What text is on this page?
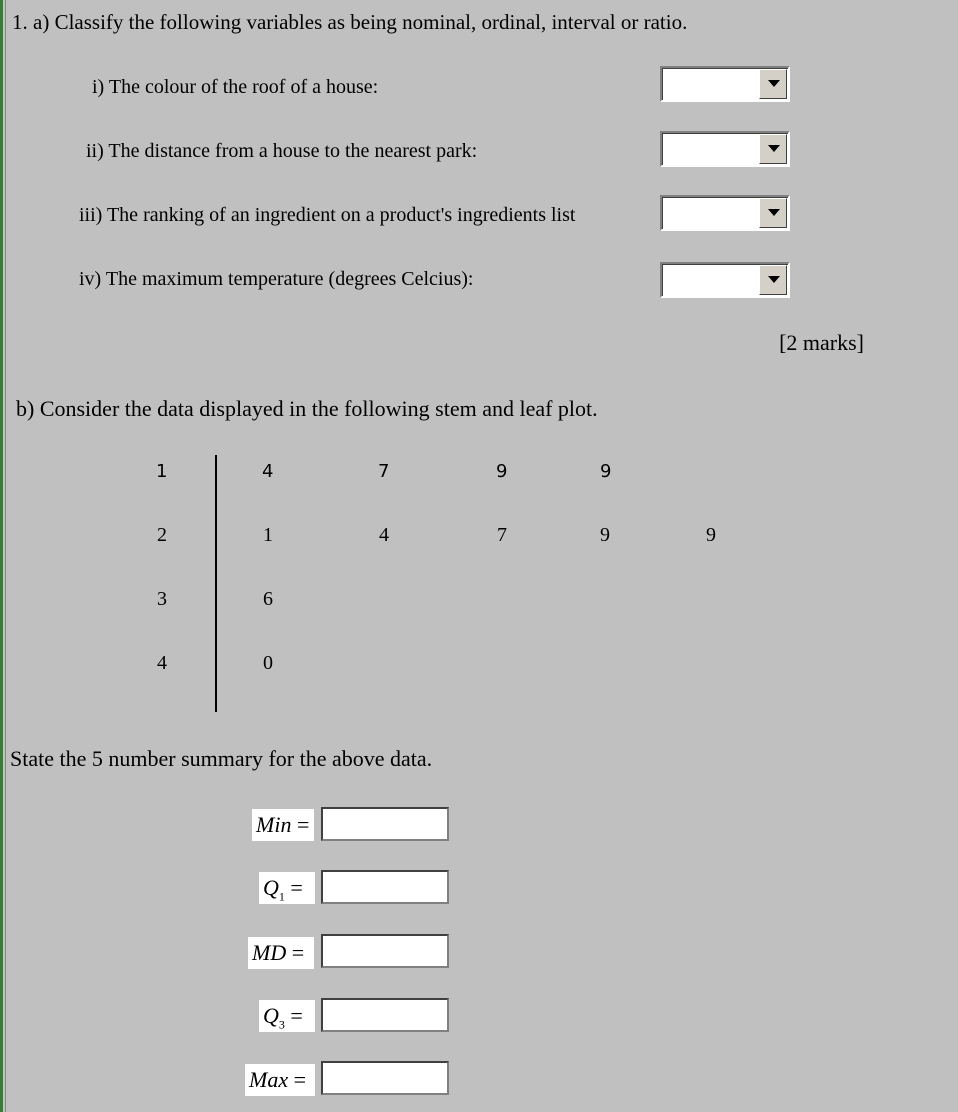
1. a) Classify the following variables as being nominal, ordinal, interval or ratio.
i) The colour of the roof of a house:
ii) The distance from a house to the nearest park:
iii) The ranking of an ingredient on a product's ingredients list
iv) The maximum temperature (degrees Celcius):
[2 marks]
b) Consider the data displayed in the following stem and leaf plot.
1	4	7	9	9
2	1	4	7	9	9
3	6
4	0
State the 5 number summary for the above data.
Min =
$Q_1$ =
MD =
$Q_3$ =
Max =
